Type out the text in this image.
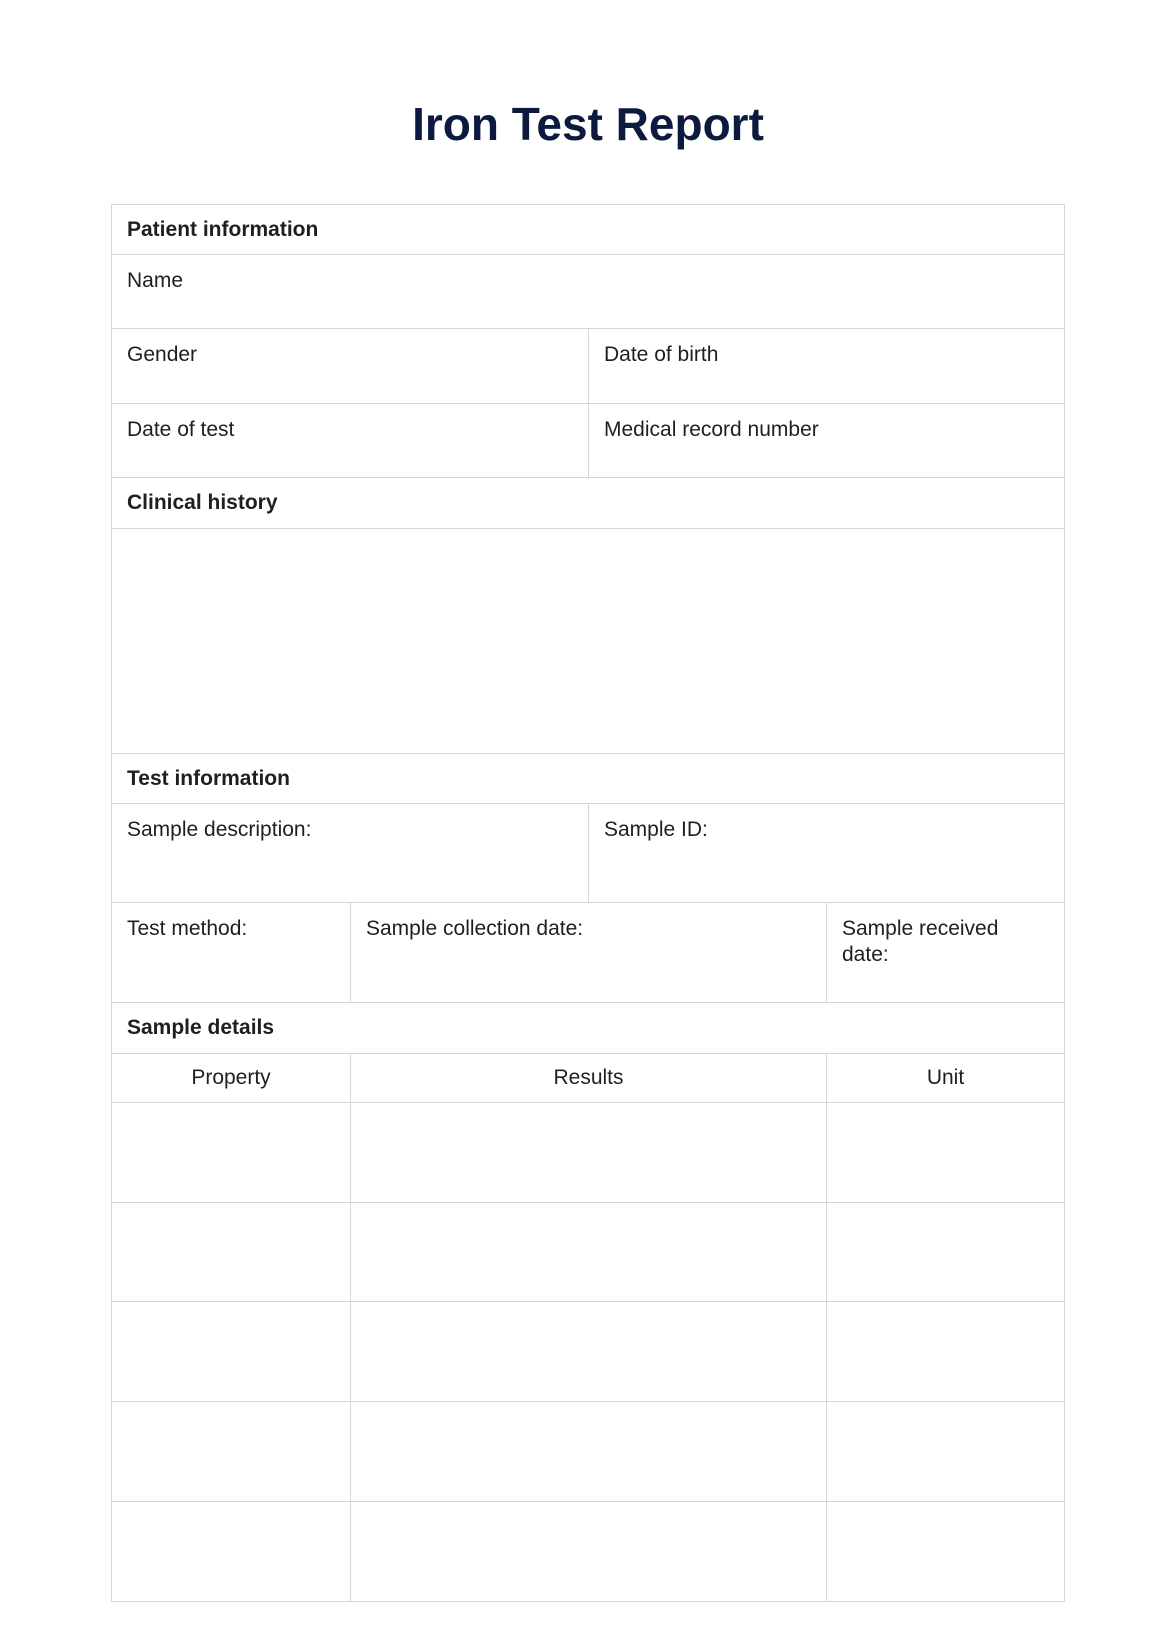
Iron Test Report
Patient information
Name
Gender	Date of birth
Date of test	Medical record number
Clinical history
Test information
Sample description:	Sample ID:
Test method:	Sample collection date:	Sample received date:
Sample details
Property	Results	Unit
